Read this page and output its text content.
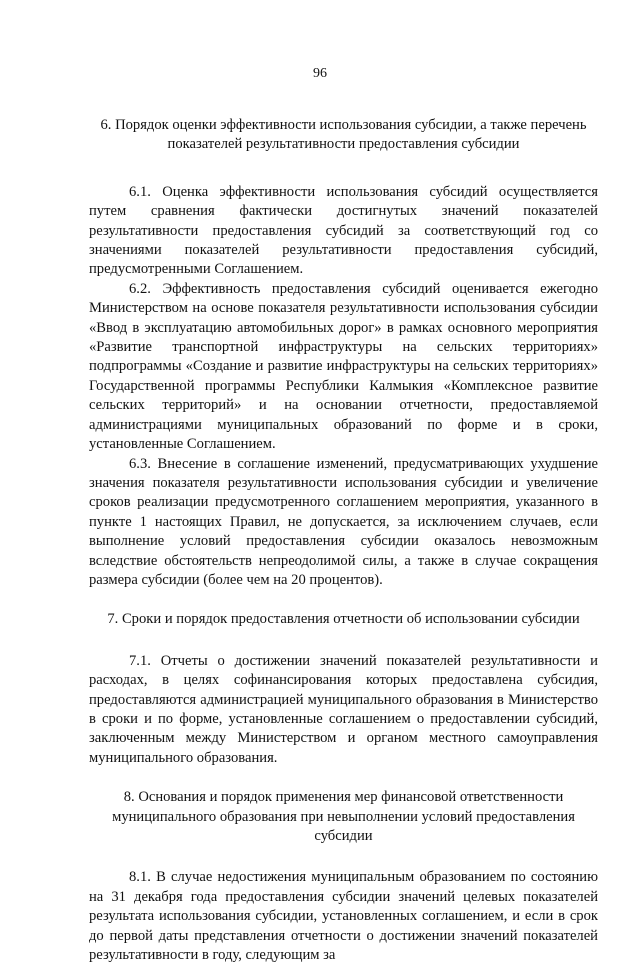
96

6. Порядок оценки эффективности использования субсидии, а также перечень показателей результативности предоставления субсидии

6.1. Оценка эффективности использования субсидий осуществляется путем сравнения фактически достигнутых значений показателей результативности предоставления субсидий за соответствующий год со значениями показателей результативности предоставления субсидий, предусмотренными Соглашением.

6.2. Эффективность предоставления субсидий оценивается ежегодно Министерством на основе показателя результативности использования субсидии «Ввод в эксплуатацию автомобильных дорог» в рамках основного мероприятия «Развитие транспортной инфраструктуры на сельских территориях» подпрограммы «Создание и развитие инфраструктуры на сельских территориях» Государственной программы Республики Калмыкия «Комплексное развитие сельских территорий» и на основании отчетности, предоставляемой администрациями муниципальных образований по форме и в сроки, установленные Соглашением.

6.3. Внесение в соглашение изменений, предусматривающих ухудшение значения показателя результативности использования субсидии и увеличение сроков реализации предусмотренного соглашением мероприятия, указанного в пункте 1 настоящих Правил, не допускается, за исключением случаев, если выполнение условий предоставления субсидии оказалось невозможным вследствие обстоятельств непреодолимой силы, а также в случае сокращения размера субсидии (более чем на 20 процентов).

7. Сроки и порядок предоставления отчетности об использовании субсидии

7.1. Отчеты о достижении значений показателей результативности и расходах, в целях софинансирования которых предоставлена субсидия, предоставляются администрацией муниципального образования в Министерство в сроки и по форме, установленные соглашением о предоставлении субсидий, заключенным между Министерством и органом местного самоуправления муниципального образования.

8. Основания и порядок применения мер финансовой ответственности муниципального образования при невыполнении условий предоставления субсидии

8.1. В случае недостижения муниципальным образованием по состоянию на 31 декабря года предоставления субсидии значений целевых показателей результата использования субсидии, установленных соглашением, и если в срок до первой даты представления отчетности о достижении значений показателей результативности в году, следующим за
